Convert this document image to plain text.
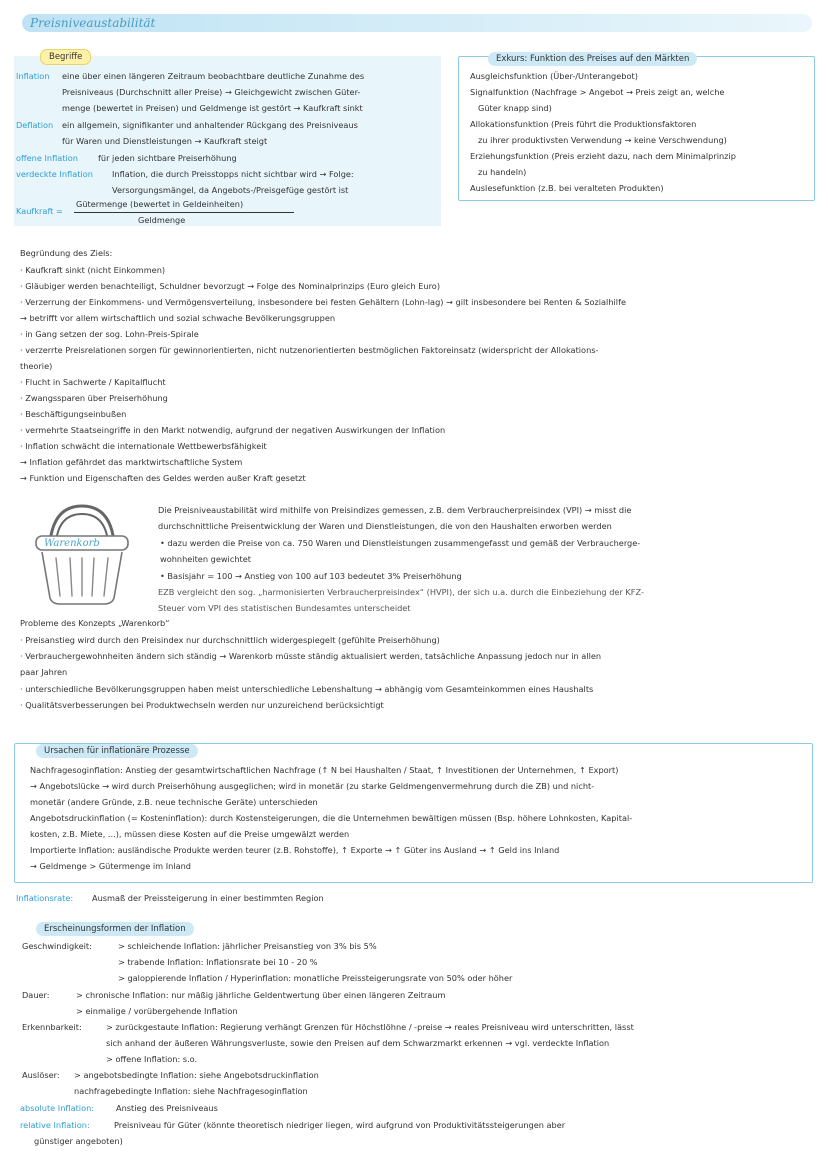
Preisniveaustabilität
Begriffe
Inflation eine über einen längeren Zeitraum beobachtbare deutliche Zunahme des
Preisniveaus (Durchschnitt aller Preise) → Gleichgewicht zwischen Güter-
menge (bewertet in Preisen) und Geldmenge ist gestört → Kaufkraft sinkt
Deflation ein allgemein, signifikanter und anhaltender Rückgang des Preisniveaus
für Waren und Dienstleistungen → Kaufkraft steigt
offene Inflation für jeden sichtbare Preiserhöhung
verdeckte Inflation Inflation, die durch Preisstopps nicht sichtbar wird → Folge:
Versorgungsmängel, da Angebots-/Preisgefüge gestört ist
Kaufkraft =
Gütermenge (bewertet in Geldeinheiten)
Geldmenge
Exkurs: Funktion des Preises auf den Märkten
Ausgleichsfunktion (Über-/Unterangebot)
Signalfunktion (Nachfrage > Angebot → Preis zeigt an, welche
Güter knapp sind)
Allokationsfunktion (Preis führt die Produktionsfaktoren
zu ihrer produktivsten Verwendung → keine Verschwendung)
Erziehungsfunktion (Preis erzieht dazu, nach dem Minimalprinzip
zu handeln)
Auslesefunktion (z.B. bei veralteten Produkten)
Begründung des Ziels:
· Kaufkraft sinkt (nicht Einkommen)
· Gläubiger werden benachteiligt, Schuldner bevorzugt → Folge des Nominalprinzips (Euro gleich Euro)
· Verzerrung der Einkommens- und Vermögensverteilung, insbesondere bei festen Gehältern (Lohn-lag) → gilt insbesondere bei Renten & Sozialhilfe
→ betrifft vor allem wirtschaftlich und sozial schwache Bevölkerungsgruppen
· in Gang setzen der sog. Lohn-Preis-Spirale
· verzerrte Preisrelationen sorgen für gewinnorientierten, nicht nutzenorientierten bestmöglichen Faktoreinsatz (widerspricht der Allokations-
theorie)
· Flucht in Sachwerte / Kapitalflucht
· Zwangssparen über Preiserhöhung
· Beschäftigungseinbußen
· vermehrte Staatseingriffe in den Markt notwendig, aufgrund der negativen Auswirkungen der Inflation
· Inflation schwächt die internationale Wettbewerbsfähigkeit
→ Inflation gefährdet das marktwirtschaftliche System
→ Funktion und Eigenschaften des Geldes werden außer Kraft gesetzt
Warenkorb
Die Preisniveaustabilität wird mithilfe von Preisindizes gemessen, z.B. dem Verbraucherpreisindex (VPI) → misst die
durchschnittliche Preisentwicklung der Waren und Dienstleistungen, die von den Haushalten erworben werden
• dazu werden die Preise von ca. 750 Waren und Dienstleistungen zusammengefasst und gemäß der Verbraucherge-
wohnheiten gewichtet
• Basisjahr = 100 → Anstieg von 100 auf 103 bedeutet 3% Preiserhöhung
EZB vergleicht den sog. „harmonisierten Verbraucherpreisindex“ (HVPI), der sich u.a. durch die Einbeziehung der KFZ-
Steuer vom VPI des statistischen Bundesamtes unterscheidet
Probleme des Konzepts „Warenkorb“
· Preisanstieg wird durch den Preisindex nur durchschnittlich widergespiegelt (gefühlte Preiserhöhung)
· Verbrauchergewohnheiten ändern sich ständig → Warenkorb müsste ständig aktualisiert werden, tatsächliche Anpassung jedoch nur in allen
paar Jahren
· unterschiedliche Bevölkerungsgruppen haben meist unterschiedliche Lebenshaltung → abhängig vom Gesamteinkommen eines Haushalts
· Qualitätsverbesserungen bei Produktwechseln werden nur unzureichend berücksichtigt
Ursachen für inflationäre Prozesse
Nachfragesoginflation: Anstieg der gesamtwirtschaftlichen Nachfrage (↑ N bei Haushalten / Staat, ↑ Investitionen der Unternehmen, ↑ Export)
→ Angebotslücke → wird durch Preiserhöhung ausgeglichen; wird in monetär (zu starke Geldmengenvermehrung durch die ZB) und nicht-
monetär (andere Gründe, z.B. neue technische Geräte) unterschieden
Angebotsdruckinflation (= Kosteninflation): durch Kostensteigerungen, die die Unternehmen bewältigen müssen (Bsp. höhere Lohnkosten, Kapital-
kosten, z.B. Miete, ...), müssen diese Kosten auf die Preise umgewälzt werden
Importierte Inflation: ausländische Produkte werden teurer (z.B. Rohstoffe), ↑ Exporte → ↑ Güter ins Ausland → ↑ Geld ins Inland
→ Geldmenge > Gütermenge im Inland
Inflationsrate: Ausmaß der Preissteigerung in einer bestimmten Region
Erscheinungsformen der Inflation
Geschwindigkeit:	> schleichende Inflation: jährlicher Preisanstieg von 3% bis 5%
> trabende Inflation: Inflationsrate bei 10 - 20 %
> galoppierende Inflation / Hyperinflation: monatliche Preissteigerungsrate von 50% oder höher
Dauer:	> chronische Inflation: nur mäßig jährliche Geldentwertung über einen längeren Zeitraum
> einmalige / vorübergehende Inflation
Erkennbarkeit:	> zurückgestaute Inflation: Regierung verhängt Grenzen für Höchstlöhne / -preise → reales Preisniveau wird unterschritten, lässt
sich anhand der äußeren Währungsverluste, sowie den Preisen auf dem Schwarzmarkt erkennen → vgl. verdeckte Inflation
> offene Inflation: s.o.
Auslöser: > angebotsbedingte Inflation: siehe Angebotsdruckinflation
nachfragebedingte Inflation: siehe Nachfragesoginflation
absolute Inflation:	Anstieg des Preisniveaus
relative Inflation:	Preisniveau für Güter (könnte theoretisch niedriger liegen, wird aufgrund von Produktivitätssteigerungen aber
günstiger angeboten)
